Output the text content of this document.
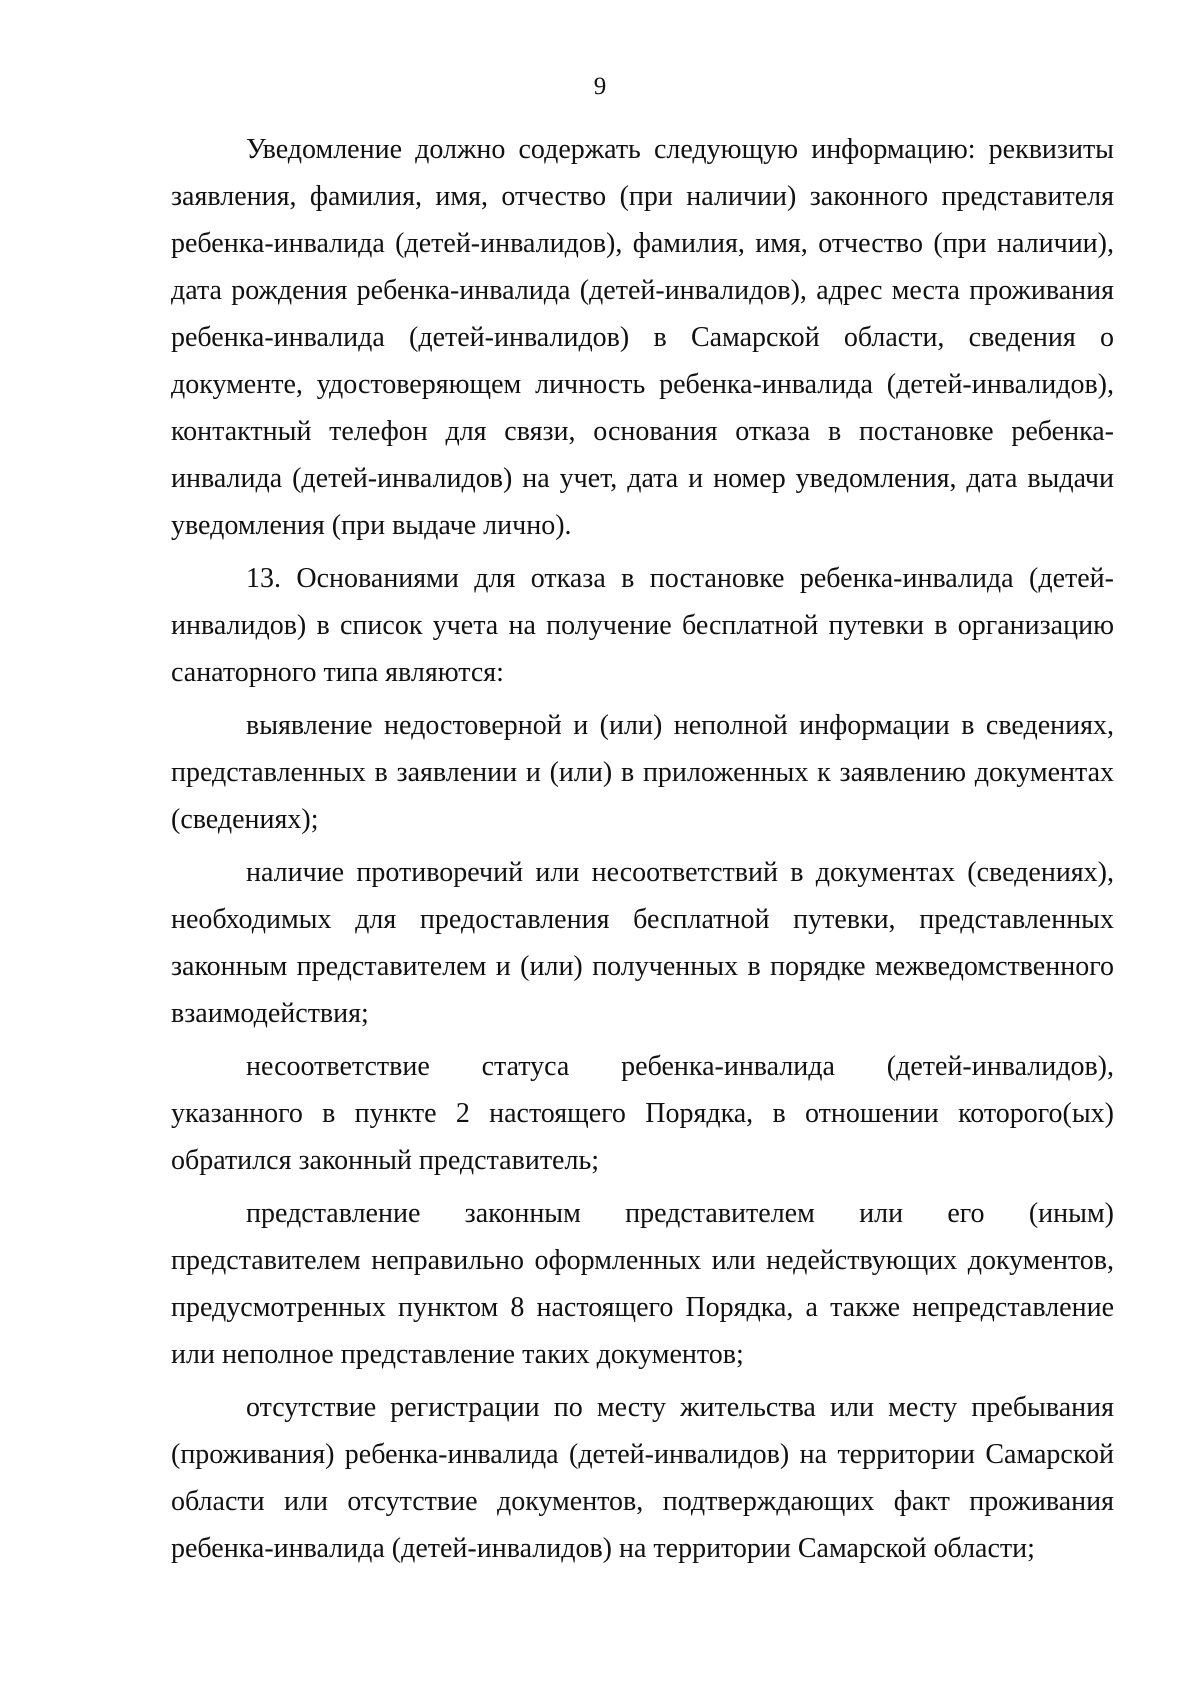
9

Уведомление должно содержать следующую информацию: реквизиты заявления, фамилия, имя, отчество (при наличии) законного представителя ребенка-инвалида (детей-инвалидов), фамилия, имя, отчество (при наличии), дата рождения ребенка-инвалида (детей-инвалидов), адрес места проживания ребенка-инвалида (детей-инвалидов) в Самарской области, сведения о документе, удостоверяющем личность ребенка-инвалида (детей-инвалидов), контактный телефон для связи, основания отказа в постановке ребенка-инвалида (детей-инвалидов) на учет, дата и номер уведомления, дата выдачи уведомления (при выдаче лично).

13. Основаниями для отказа в постановке ребенка-инвалида (детей-инвалидов) в список учета на получение бесплатной путевки в организацию санаторного типа являются:

выявление недостоверной и (или) неполной информации в сведениях, представленных в заявлении и (или) в приложенных к заявлению документах (сведениях);

наличие противоречий или несоответствий в документах (сведениях), необходимых для предоставления бесплатной путевки, представленных законным представителем и (или) полученных в порядке межведомственного взаимодействия;

несоответствие статуса ребенка-инвалида (детей-инвалидов), указанного в пункте 2 настоящего Порядка, в отношении которого(ых) обратился законный представитель;

представление законным представителем или его (иным) представителем неправильно оформленных или недействующих документов, предусмотренных пунктом 8 настоящего Порядка, а также непредставление или неполное представление таких документов;

отсутствие регистрации по месту жительства или месту пребывания (проживания) ребенка-инвалида (детей-инвалидов) на территории Самарской области или отсутствие документов, подтверждающих факт проживания ребенка-инвалида (детей-инвалидов) на территории Самарской области;
